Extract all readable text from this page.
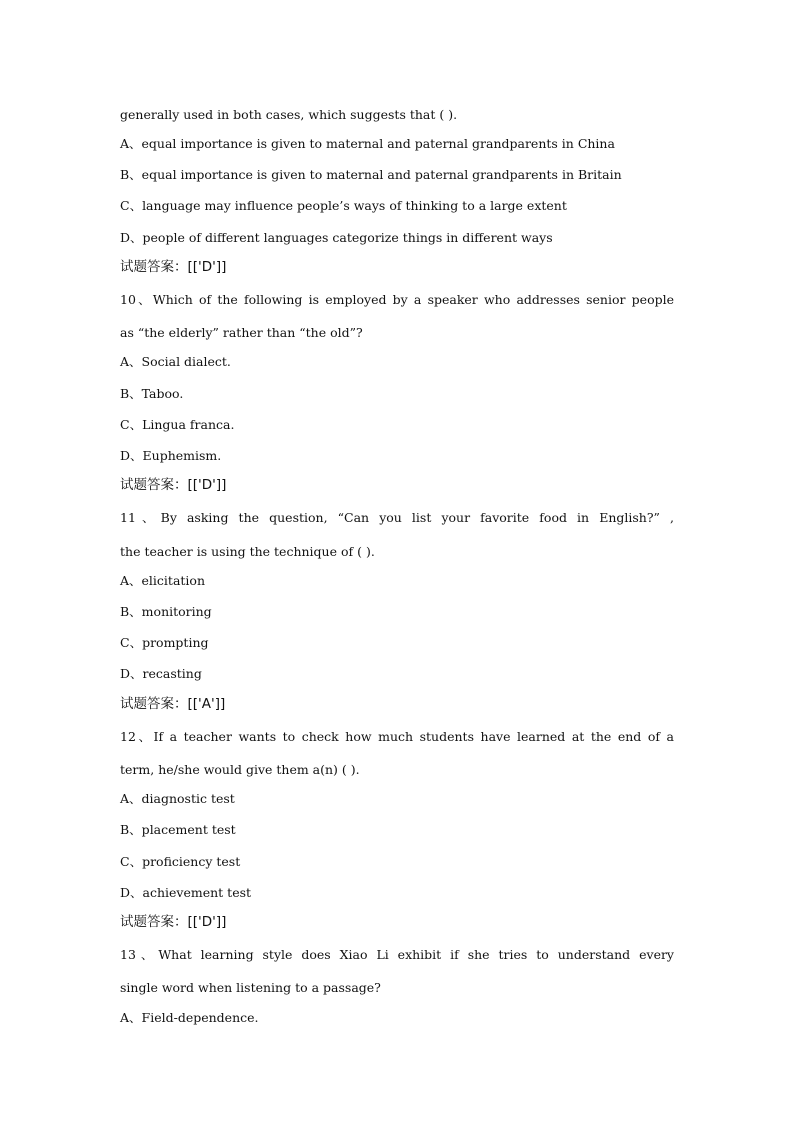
generally used in both cases, which suggests that ( ).
A、equal importance is given to maternal and paternal grandparents in China
B、equal importance is given to maternal and paternal grandparents in Britain
C、language may influence people’s ways of thinking to a large extent
D、people of different languages categorize things in different ways
试题答案：[['D']]
10、Which of the following is employed by a speaker who addresses senior people
as “the elderly” rather than “the old”?
A、Social dialect.
B、Taboo.
C、Lingua franca.
D、Euphemism.
试题答案：[['D']]
11、By asking the question, “Can you list your favorite food in English?” ,
the teacher is using the technique of ( ).
A、elicitation
B、monitoring
C、prompting
D、recasting
试题答案：[['A']]
12、If a teacher wants to check how much students have learned at the end of a
term, he/she would give them a(n) ( ).
A、diagnostic test
B、placement test
C、proficiency test
D、achievement test
试题答案：[['D']]
13、What learning style does Xiao Li exhibit if she tries to understand every
single word when listening to a passage?
A、Field-dependence.
